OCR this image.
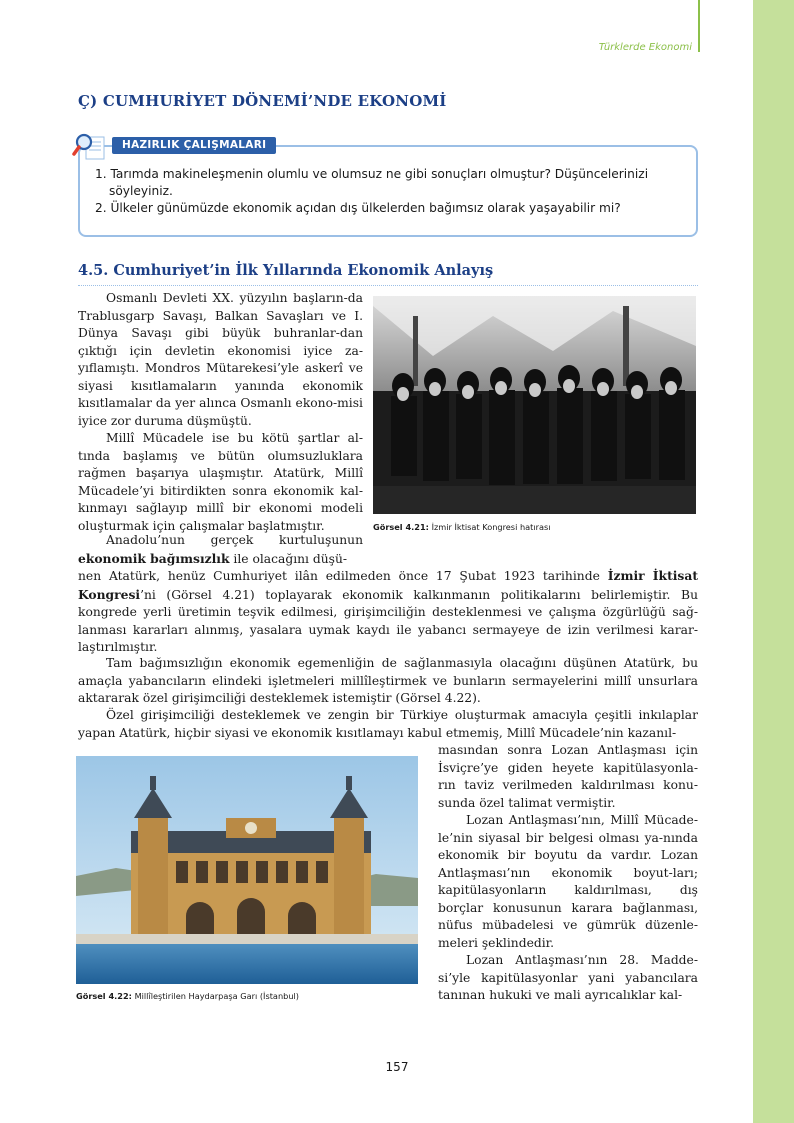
Türklerde Ekonomi
Ç) CUMHURİYET DÖNEMİ’NDE EKONOMİ
HAZIRLIK ÇALIŞMALARI
1. Tarımda makineleşmenin olumlu ve olumsuz ne gibi sonuçları olmuştur? Düşüncelerinizi söyleyiniz.
2. Ülkeler günümüzde ekonomik açıdan dış ülkelerden bağımsız olarak yaşayabilir mi?
4.5. Cumhuriyet’in İlk Yıllarında Ekonomik Anlayış

Osmanlı Devleti XX. yüzyılın başların-da Trablusgarp Savaşı, Balkan Savaşları ve I. Dünya Savaşı gibi büyük buhranlar-dan çıktığı için devletin ekonomisi iyice za-yıflamıştı. Mondros Mütarekesi’yle askerî ve siyasi kısıtlamaların yanında ekonomik kısıtlamalar da yer alınca Osmanlı ekono-misi iyice zor duruma düşmüştü.

Millî Mücadele ise bu kötü şartlar al-tında başlamış ve bütün olumsuzluklara rağmen başarıya ulaşmıştır. Atatürk, Millî Mücadele’yi bitirdikten sonra ekonomik kal-kınmayı sağlayıp millî bir ekonomi modeli oluşturmak için çalışmalar başlatmıştır.

Anadolu’nun gerçek kurtuluşunun ekonomik bağımsızlık ile olacağını düşü-

nen Atatürk, henüz Cumhuriyet ilân edilmeden önce 17 Şubat 1923 tarihinde İzmir İktisat Kongresi’ni (Görsel 4.21) toplayarak ekonomik kalkınmanın politikalarını belirlemiştir. Bu kongrede yerli üretimin teşvik edilmesi, girişimciliğin desteklenmesi ve çalışma özgürlüğü sağ-lanması kararları alınmış, yasalara uymak kaydı ile yabancı sermayeye de izin verilmesi karar-laştırılmıştır.

Tam bağımsızlığın ekonomik egemenliğin de sağlanmasıyla olacağını düşünen Atatürk, bu amaçla yabancıların elindeki işletmeleri millîleştirmek ve bunların sermayelerini millî unsurlara aktararak özel girişimciliği desteklemek istemiştir (Görsel 4.22).

Özel girişimciliği desteklemek ve zengin bir Türkiye oluşturmak amacıyla çeşitli inkılaplar yapan Atatürk, hiçbir siyasi ve ekonomik kısıtlamayı kabul etmemiş, Millî Mücadele’nin kazanıl-

masından sonra Lozan Antlaşması için İsviçre’ye giden heyete kapitülasyonla-rın taviz verilmeden kaldırılması konu-sunda özel talimat vermiştir.

Lozan Antlaşması’nın, Millî Mücade-le’nin siyasal bir belgesi olması ya-nında ekonomik bir boyutu da vardır. Lozan Antlaşması’nın ekonomik boyut-ları; kapitülasyonların kaldırılması, dış borçlar konusunun karara bağlanması, nüfus mübadelesi ve gümrük düzenle-meleri şeklindedir.

Lozan Antlaşması’nın 28. Madde-si’yle kapitülasyonlar yani yabancılara tanınan hukuki ve mali ayrıcalıklar kal-

Görsel 4.21: İzmir İktisat Kongresi hatırası
Görsel 4.22: Millîleştirilen Haydarpaşa Garı (İstanbul)
157
